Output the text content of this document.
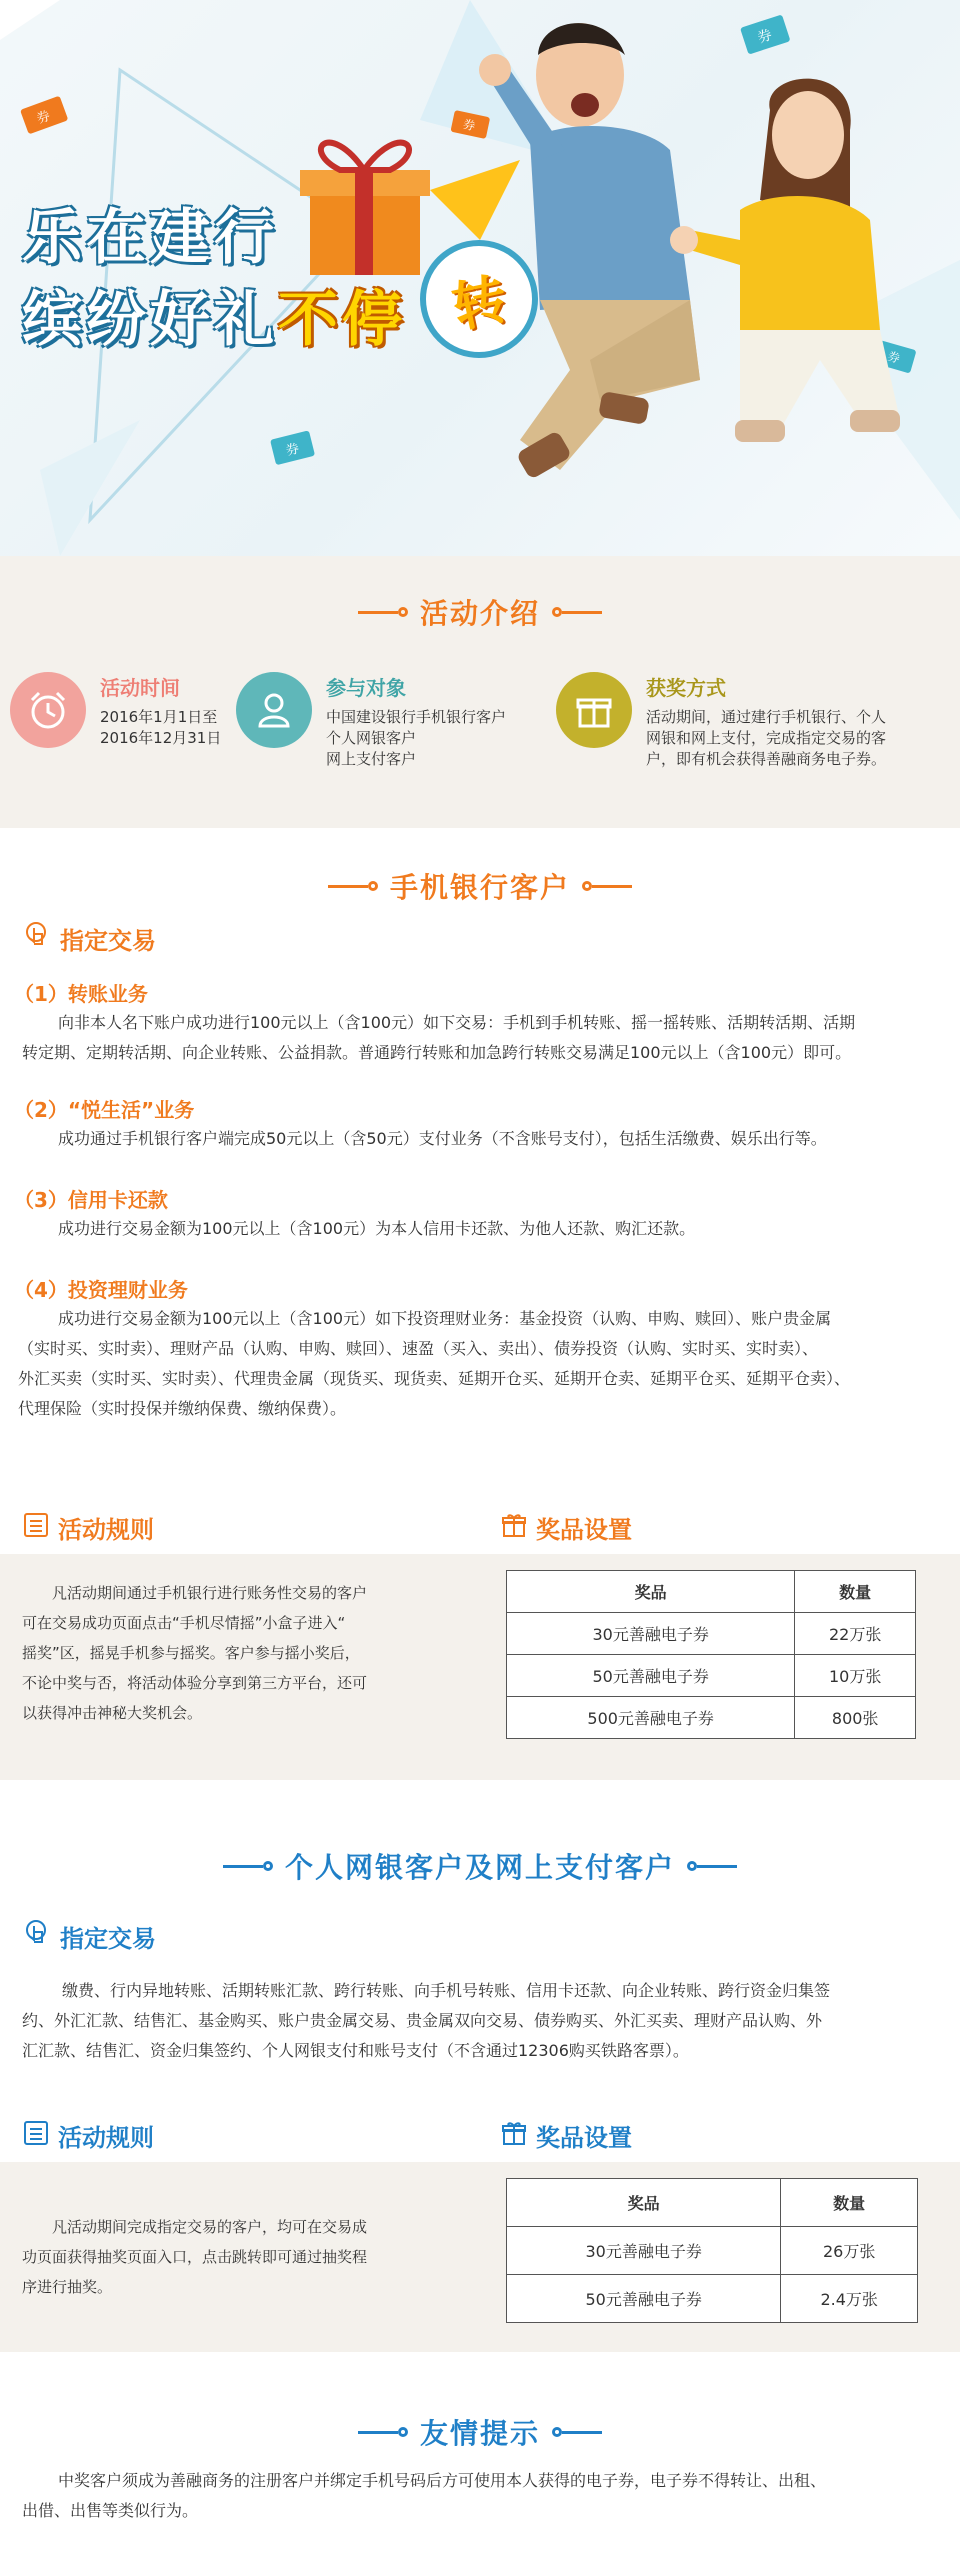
券
券	券
券
券
乐在建行
缤纷好礼不停 转
活动介绍
活动时间

2016年1月1日至

2016年12月31日

参与对象

中国建设银行手机银行客户

个人网银客户

网上支付客户

获奖方式

活动期间，通过建行手机银行、个人

网银和网上支付，完成指定交易的客

户，即有机会获得善融商务电子券。

手机银行客户
指定交易
（1）转账业务
向非本人名下账户成功进行100元以上（含100元）如下交易：手机到手机转账、摇一摇转账、活期转活期、活期
转定期、定期转活期、向企业转账、公益捐款。普通跨行转账和加急跨行转账交易满足100元以上（含100元）即可。
（2）“悦生活”业务
成功通过手机银行客户端完成50元以上（含50元）支付业务（不含账号支付），包括生活缴费、娱乐出行等。
（3）信用卡还款
成功进行交易金额为100元以上（含100元）为本人信用卡还款、为他人还款、购汇还款。
（4）投资理财业务
成功进行交易金额为100元以上（含100元）如下投资理财业务：基金投资（认购、申购、赎回）、账户贵金属
（实时买、实时卖）、理财产品（认购、申购、赎回）、速盈（买入、卖出）、债券投资（认购、实时买、实时卖）、
外汇买卖（实时买、实时卖）、代理贵金属（现货买、现货卖、延期开仓买、延期开仓卖、延期平仓买、延期平仓卖）、
代理保险（实时投保并缴纳保费、缴纳保费）。
活动规则	奖品设置
凡活动期间通过手机银行进行账务性交易的客户
可在交易成功页面点击“手机尽情摇”小盒子进入“
摇奖”区，摇晃手机参与摇奖。客户参与摇小奖后，
不论中奖与否，将活动体验分享到第三方平台，还可
以获得冲击神秘大奖机会。
奖品	数量
30元善融电子券	22万张
50元善融电子券	10万张
500元善融电子券	800张
个人网银客户及网上支付客户
指定交易
缴费、行内异地转账、活期转账汇款、跨行转账、向手机号转账、信用卡还款、向企业转账、跨行资金归集签
约、外汇汇款、结售汇、基金购买、账户贵金属交易、贵金属双向交易、债券购买、外汇买卖、理财产品认购、外
汇汇款、结售汇、资金归集签约、个人网银支付和账号支付（不含通过12306购买铁路客票）。
活动规则	奖品设置
凡活动期间完成指定交易的客户，均可在交易成
功页面获得抽奖页面入口，点击跳转即可通过抽奖程
序进行抽奖。
奖品	数量
30元善融电子券	26万张
50元善融电子券	2.4万张
友情提示
中奖客户须成为善融商务的注册客户并绑定手机号码后方可使用本人获得的电子券，电子券不得转让、出租、
出借、出售等类似行为。
